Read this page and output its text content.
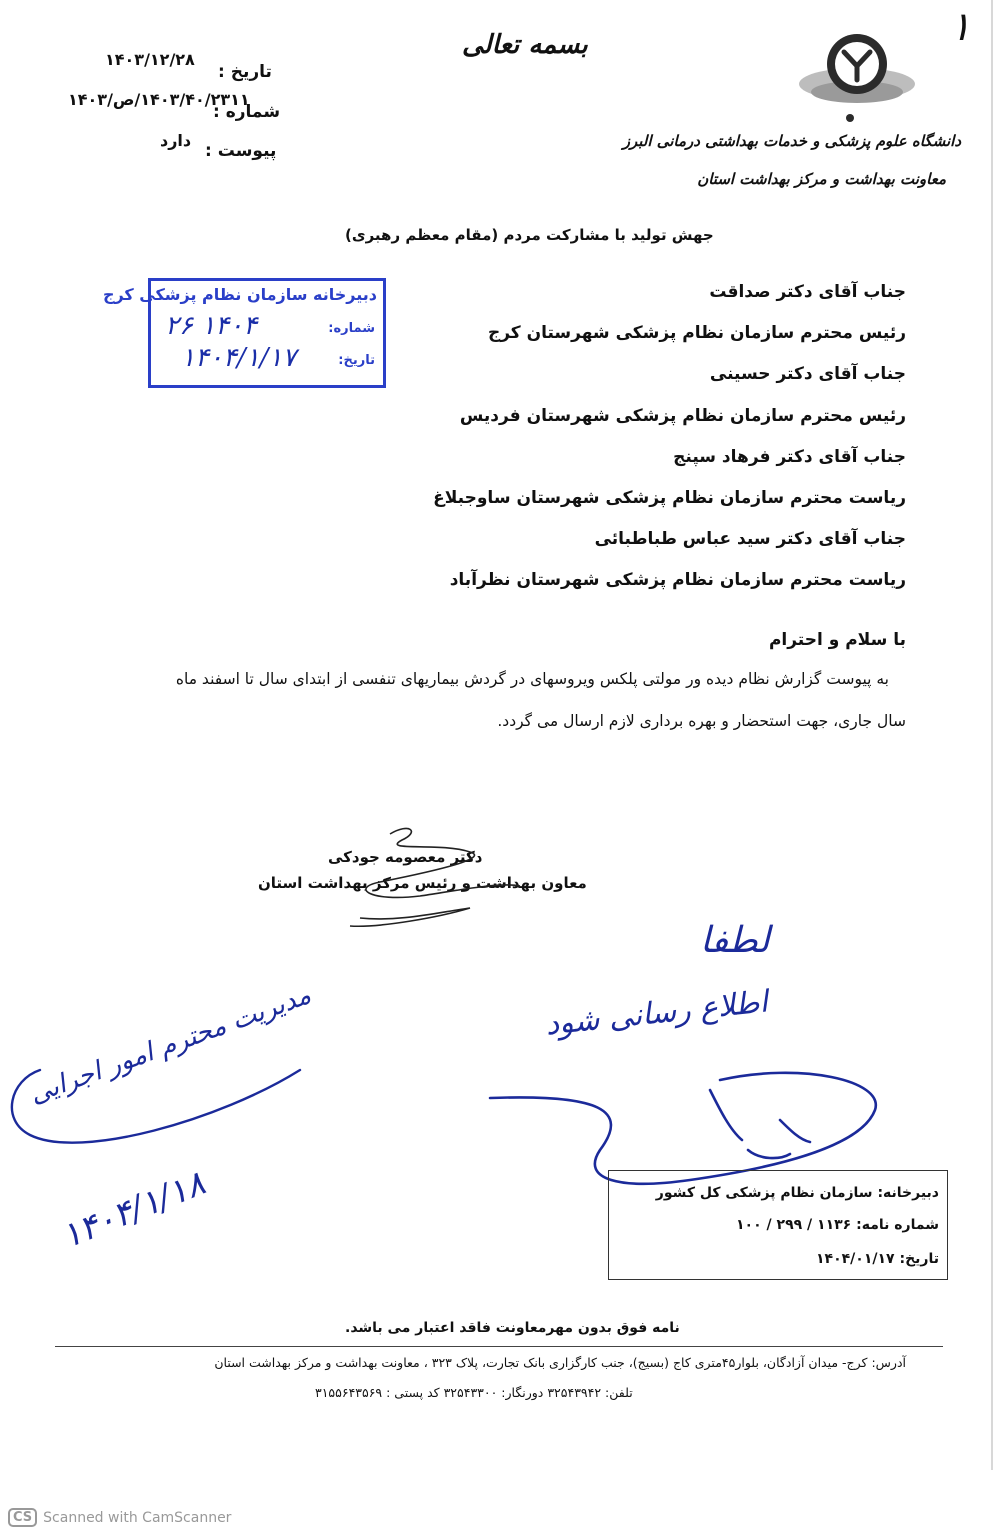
١
بسمه تعالی
دانشگاه علوم پزشکی و خدمات بهداشتی درمانی البرز
معاونت بهداشت و مرکز بهداشت استان
تاریخ :
۱۴۰۳/۱۲/۲۸
شماره :
۱۴۰۳/۴۰/۲۳۱۱/ص/۱۴۰۳
پیوست :
دارد
جهش تولید با مشارکت مردم (مقام معظم رهبری)
دبیرخانه سازمان نظام پزشکی کرج
شماره:
۱۴۰۴ ۲۶
تاریخ:
۱۴۰۴/۱/۱۷
جناب آقای دکتر صداقت
رئیس محترم سازمان نظام پزشکی شهرستان کرج
جناب آقای دکتر حسینی
رئیس محترم سازمان نظام پزشکی شهرستان فردیس
جناب آقای دکتر فرهاد سپنج
ریاست محترم سازمان نظام پزشکی شهرستان ساوجبلاغ
جناب آقای دکتر سید عباس طباطبائی
ریاست محترم سازمان نظام پزشکی شهرستان نظرآباد
با سلام و احترام
به پیوست گزارش نظام دیده ور مولتی پلکس ویروسهای در گردش بیماریهای تنفسی از ابتدای سال تا اسفند ماه
سال جاری، جهت استحضار و بهره برداری لازم ارسال می گردد.
دکتر معصومه جودکی
معاون بهداشت و رئیس مرکز بهداشت استان
لطفا
اطلاع رسانی شود
مدیریت محترم امور اجرایی
۱۴۰۴/۱/۱۸	دبیرخانه: سازمان نظام پزشکی کل کشور
شماره نامه: ۱۱۳۶ / ۲۹۹ / ۱۰۰
تاریخ: ۱۴۰۴/۰۱/۱۷
نامه فوق بدون مهرمعاونت فاقد اعتبار می باشد.
آدرس: کرج- میدان آزادگان، بلوار۴۵متری کاج (بسیج)، جنب کارگزاری بانک تجارت، پلاک ۳۲۳ ، معاونت بهداشت و مرکز بهداشت استان
تلفن: ۳۲۵۴۳۹۴۲ دورنگار: ۳۲۵۴۳۳۰۰ کد پستی : ۳۱۵۵۶۴۳۵۶۹
CS Scanned with CamScanner
